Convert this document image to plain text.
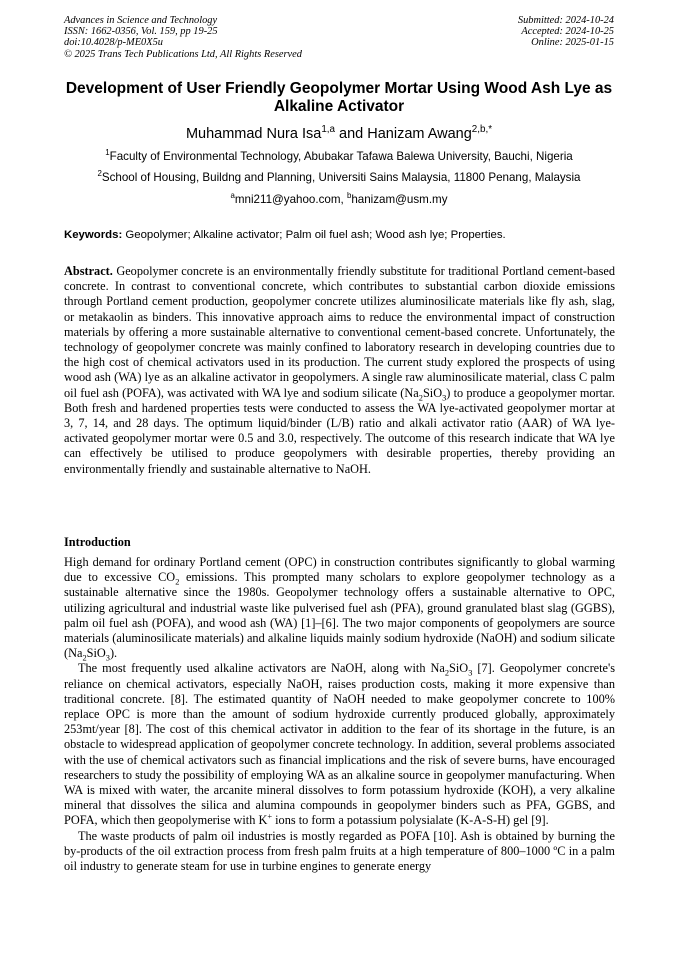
Advances in Science and Technology
ISSN: 1662-0356, Vol. 159, pp 19-25
doi:10.4028/p-ME0X5u
© 2025 Trans Tech Publications Ltd, All Rights Reserved
Submitted: 2024-10-24
Accepted: 2024-10-25
Online: 2025-01-15
Development of User Friendly Geopolymer Mortar Using Wood Ash Lye as Alkaline Activator
Muhammad Nura Isa$^{1,a}$ and Hanizam Awang$^{2,b,*}$
$^1$Faculty of Environmental Technology, Abubakar Tafawa Balewa University, Bauchi, Nigeria
$^2$School of Housing, Buildng and Planning, Universiti Sains Malaysia, 11800 Penang, Malaysia
$^a$mni211@yahoo.com, $^b$hanizam@usm.my
Keywords: Geopolymer; Alkaline activator; Palm oil fuel ash; Wood ash lye; Properties.
Abstract. Geopolymer concrete is an environmentally friendly substitute for traditional Portland cement-based concrete. In contrast to conventional concrete, which contributes to substantial carbon dioxide emissions through Portland cement production, geopolymer concrete utilizes aluminosilicate materials like fly ash, slag, or metakaolin as binders. This innovative approach aims to reduce the environmental impact of construction materials by offering a more sustainable alternative to conventional cement-based concrete. Unfortunately, the technology of geopolymer concrete was mainly confined to laboratory research in developing countries due to the high cost of chemical activators used in its production. The current study explored the prospects of using wood ash (WA) lye as an alkaline activator in geopolymers. A single raw aluminosilicate material, class C palm oil fuel ash (POFA), was activated with WA lye and sodium silicate $(Na_2SiO_3)$ to produce a geopolymer mortar. Both fresh and hardened properties tests were conducted to assess the WA lye-activated geopolymer mortar at 3, 7, 14, and 28 days. The optimum liquid/binder (L/B) ratio and alkali activator ratio (AAR) of WA lye-activated geopolymer mortar were 0.5 and 3.0, respectively. The outcome of this research indicate that WA lye can effectively be utilised to produce geopolymers with desirable properties, thereby providing an environmentally friendly and sustainable alternative to NaOH.
Introduction

High demand for ordinary Portland cement (OPC) in construction contributes significantly to global warming due to excessive $CO_2$ emissions. This prompted many scholars to explore geopolymer technology as a sustainable alternative since the 1980s. Geopolymer technology offers a sustainable alternative to OPC, utilizing agricultural and industrial waste like pulverised fuel ash (PFA), ground granulated blast slag (GGBS), palm oil fuel ash (POFA), and wood ash (WA) [1]–[6]. The two major components of geopolymers are source materials (aluminosilicate materials) and alkaline liquids mainly sodium hydroxide (NaOH) and sodium silicate $(Na_2SiO_3)$.

The most frequently used alkaline activators are NaOH, along with $Na_2SiO_3$ [7]. Geopolymer concrete's reliance on chemical activators, especially NaOH, raises production costs, making it more expensive than traditional concrete. [8]. The estimated quantity of NaOH needed to make geopolymer concrete to 100% replace OPC is more than the amount of sodium hydroxide currently produced globally, approximately 253mt/year [8]. The cost of this chemical activator in addition to the fear of its shortage in the future, is an obstacle to widespread application of geopolymer concrete technology. In addition, several problems associated with the use of chemical activators such as financial implications and the risk of severe burns, have encouraged researchers to study the possibility of employing WA as an alkaline source in geopolymer manufacturing. When WA is mixed with water, the arcanite mineral dissolves to form potassium hydroxide (KOH), a very alkaline mineral that dissolves the silica and alumina compounds in geopolymer binders such as PFA, GGBS, and POFA, which then geopolymerise with K+ ions to form a potassium polysialate (K-A-S-H) gel [9].

The waste products of palm oil industries is mostly regarded as POFA [10]. Ash is obtained by burning the by-products of the oil extraction process from fresh palm fruits at a high temperature of 800–1000 ºC in a palm oil industry to generate steam for use in turbine engines to generate energy
